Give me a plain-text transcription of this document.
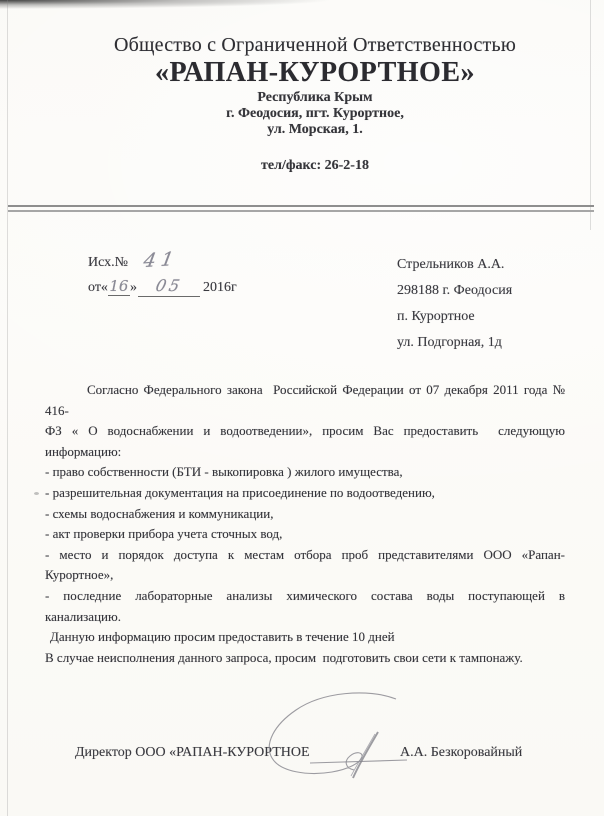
Общество с Ограниченной Ответственностью
«РАПАН-КУРОРТНОЕ»
Республика Крым
г. Феодосия, пгт. Курортное,
ул. Морская, 1.
тел/факс: 26-2-18
Исх.№ 41
от«16» 05 2016г
Стрельников А.А.
298188 г. Феодосия
п. Курортное
ул. Подгорная, 1д
Согласно Федерального закона  Российской Федерации от 07 декабря 2011 года № 416-
ФЗ « О водоснабжении и водоотведении», просим Вас предоставить  следующую
информацию:
- право собственности (БТИ - выкопировка ) жилого имущества,
- разрешительная документация на присоединение по водоотведению,
- схемы водоснабжения и коммуникации,
- акт проверки прибора учета сточных вод,
- место и порядок доступа к местам отбора проб представителями ООО «Рапан-
Курортное»,
- последние лабораторные анализы химического состава воды поступающей в
канализацию.
Данную информацию просим предоставить в течение 10 дней
В случае неисполнения данного запроса, просим  подготовить свои сети к тампонажу.
Директор ООО «РАПАН-КУРОРТНОЕ	А.А. Безкоровайный
